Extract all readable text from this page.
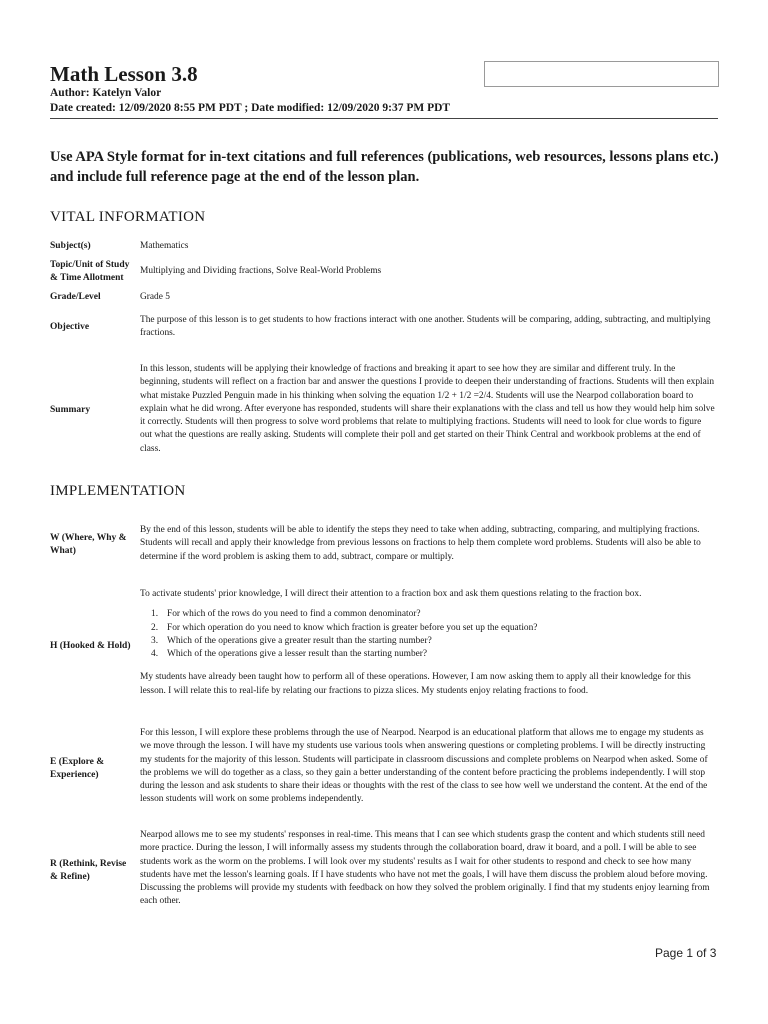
Math Lesson 3.8
Author: Katelyn Valor
Date created: 12/09/2020 8:55 PM PDT ; Date modified: 12/09/2020 9:37 PM PDT
Use APA Style format for in-text citations and full references (publications, web resources, lessons plans etc.) and include full reference page at the end of the lesson plan.
VITAL INFORMATION
Subject(s)	Mathematics
Topic/Unit of Study & Time Allotment
Multiplying and Dividing fractions, Solve Real-World Problems
Grade/Level	Grade 5
Objective
The purpose of this lesson is to get students to how fractions interact with one another. Students will be comparing, adding, subtracting, and multiplying fractions.
Summary
In this lesson, students will be applying their knowledge of fractions and breaking it apart to see how they are similar and different truly. In the beginning, students will reflect on a fraction bar and answer the questions I provide to deepen their understanding of fractions. Students will then explain what mistake Puzzled Penguin made in his thinking when solving the equation 1/2 + 1/2 =2/4. Students will use the Nearpod collaboration board to explain what he did wrong. After everyone has responded, students will share their explanations with the class and tell us how they would help him solve it correctly. Students will then progress to solve word problems that relate to multiplying fractions. Students will need to look for clue words to figure out what the questions are really asking. Students will complete their poll and get started on their Think Central and workbook problems at the end of class.
IMPLEMENTATION
W (Where, Why & What)
By the end of this lesson, students will be able to identify the steps they need to take when adding, subtracting, comparing, and multiplying fractions. Students will recall and apply their knowledge from previous lessons on fractions to help them complete word problems. Students will also be able to determine if the word problem is asking them to add, subtract, compare or multiply.
H (Hooked & Hold)
To activate students' prior knowledge, I will direct their attention to a fraction box and ask them questions relating to the fraction box.
1. For which of the rows do you need to find a common denominator?
2. For which operation do you need to know which fraction is greater before you set up the equation?
3. Which of the operations give a greater result than the starting number?
4. Which of the operations give a lesser result than the starting number?
My students have already been taught how to perform all of these operations. However, I am now asking them to apply all their knowledge for this lesson. I will relate this to real-life by relating our fractions to pizza slices. My students enjoy relating fractions to food.
E (Explore & Experience)
For this lesson, I will explore these problems through the use of Nearpod. Nearpod is an educational platform that allows me to engage my students as we move through the lesson. I will have my students use various tools when answering questions or completing problems. I will be directly instructing my students for the majority of this lesson. Students will participate in classroom discussions and complete problems on Nearpod when asked. Some of the problems we will do together as a class, so they gain a better understanding of the content before practicing the problems independently. I will stop during the lesson and ask students to share their ideas or thoughts with the rest of the class to see how well we understand the content. At the end of the lesson students will work on some problems independently.
R (Rethink, Revise & Refine)
Nearpod allows me to see my students' responses in real-time. This means that I can see which students grasp the content and which students still need more practice. During the lesson, I will informally assess my students through the collaboration board, draw it board, and a poll. I will be able to see students work as the worm on the problems. I will look over my students' results as I wait for other students to respond and check to see how many students have met the lesson's learning goals. If I have students who have not met the goals, I will have them discuss the problem aloud before moving. Discussing the problems will provide my students with feedback on how they solved the problem originally. I find that my students enjoy learning from each other.
Page 1 of 3
